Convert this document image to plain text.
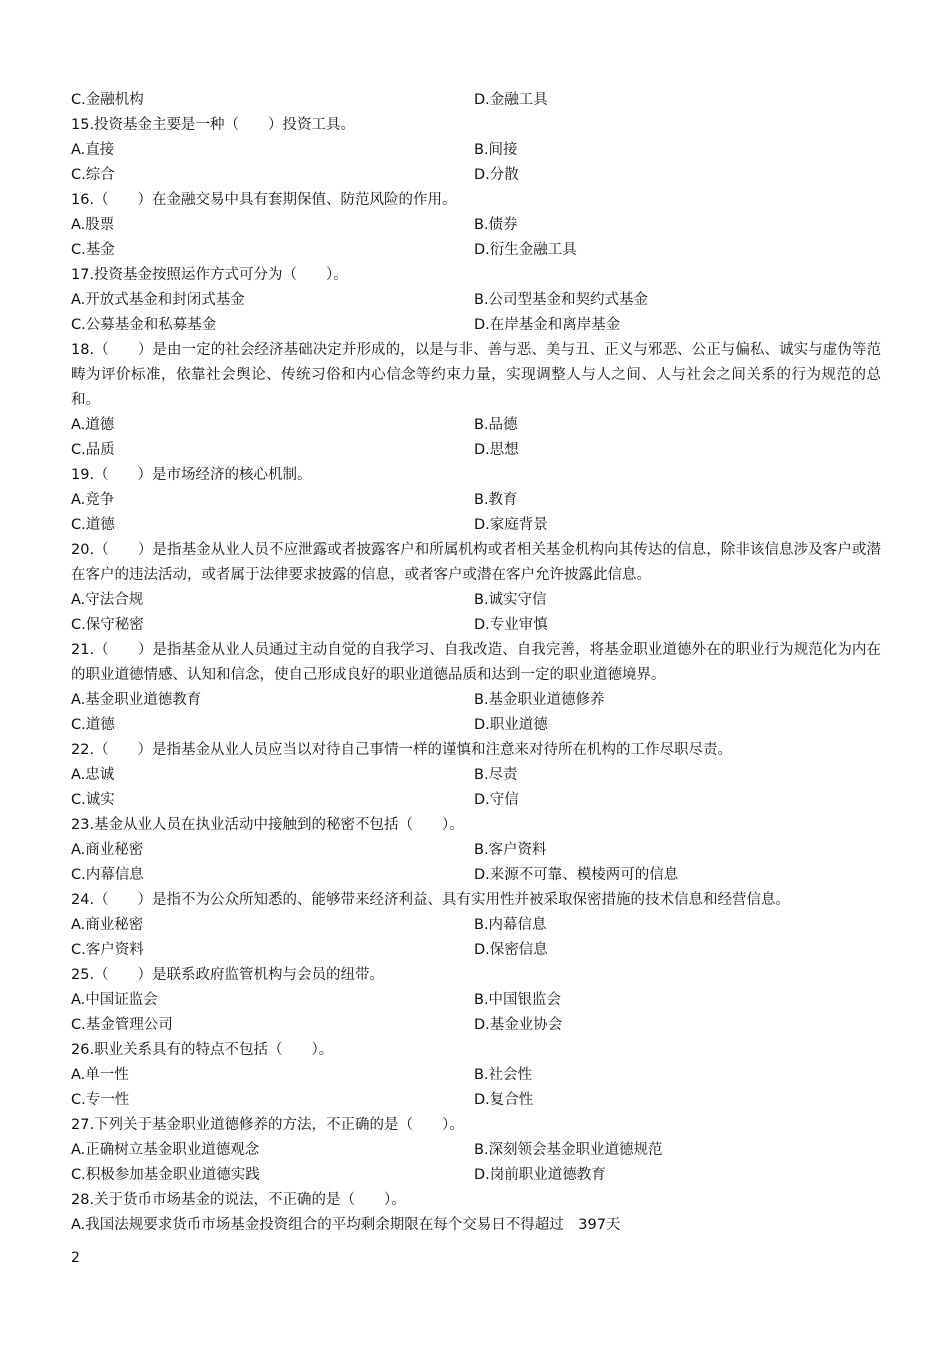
C.金融机构	D.金融工具
15.投资基金主要是一种（　　）投资工具。
A.直接	B.间接
C.综合	D.分散
16.（　　）在金融交易中具有套期保值、防范风险的作用。
A.股票	B.债券
C.基金	D.衍生金融工具
17.投资基金按照运作方式可分为（　　）。
A.开放式基金和封闭式基金	B.公司型基金和契约式基金
C.公募基金和私募基金	D.在岸基金和离岸基金
18.（　　）是由一定的社会经济基础决定并形成的，以是与非、善与恶、美与丑、正义与邪恶、公正与偏私、诚实与虚伪等范畴为评价标准，依靠社会舆论、传统习俗和内心信念等约束力量，实现调整人与人之间、人与社会之间关系的行为规范的总和。
A.道德	B.品德
C.品质	D.思想
19.（　　）是市场经济的核心机制。
A.竞争	B.教育
C.道德	D.家庭背景
20.（　　）是指基金从业人员不应泄露或者披露客户和所属机构或者相关基金机构向其传达的信息，除非该信息涉及客户或潜在客户的违法活动，或者属于法律要求披露的信息，或者客户或潜在客户允许披露此信息。
A.守法合规	B.诚实守信
C.保守秘密	D.专业审慎
21.（　　）是指基金从业人员通过主动自觉的自我学习、自我改造、自我完善，将基金职业道德外在的职业行为规范化为内在的职业道德情感、认知和信念，使自己形成良好的职业道德品质和达到一定的职业道德境界。
A.基金职业道德教育	B.基金职业道德修养
C.道德	D.职业道德
22.（　　）是指基金从业人员应当以对待自己事情一样的谨慎和注意来对待所在机构的工作尽职尽责。
A.忠诚	B.尽责
C.诚实	D.守信
23.基金从业人员在执业活动中接触到的秘密不包括（　　）。
A.商业秘密	B.客户资料
C.内幕信息	D.来源不可靠、模棱两可的信息
24.（　　）是指不为公众所知悉的、能够带来经济利益、具有实用性并被采取保密措施的技术信息和经营信息。
A.商业秘密	B.内幕信息
C.客户资料	D.保密信息
25.（　　）是联系政府监管机构与会员的纽带。
A.中国证监会	B.中国银监会
C.基金管理公司	D.基金业协会
26.职业关系具有的特点不包括（　　）。
A.单一性	B.社会性
C.专一性	D.复合性
27.下列关于基金职业道德修养的方法，不正确的是（　　）。
A.正确树立基金职业道德观念	B.深刻领会基金职业道德规范
C.积极参加基金职业道德实践	D.岗前职业道德教育
28.关于货币市场基金的说法，不正确的是（　　）。
A.我国法规要求货币市场基金投资组合的平均剩余期限在每个交易日不得超过　397天
2
